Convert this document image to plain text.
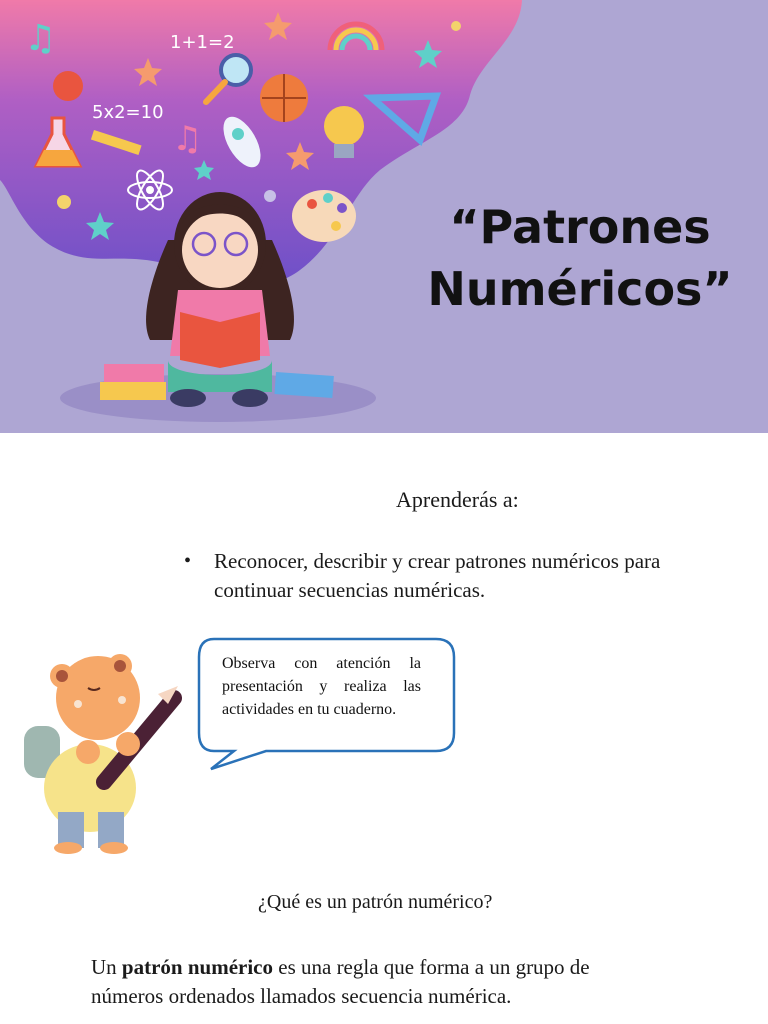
♫
♫
1+1=2
5x2=10
“Patrones
Numéricos”
Aprenderás a:
• Reconocer, describir y crear patrones numéricos para continuar secuencias numéricas.
Observa con atención la presentación y realiza las actividades en tu cuaderno.
¿Qué es un patrón numérico?
Un patrón numérico es una regla que forma a un grupo de números ordenados llamados secuencia numérica.
